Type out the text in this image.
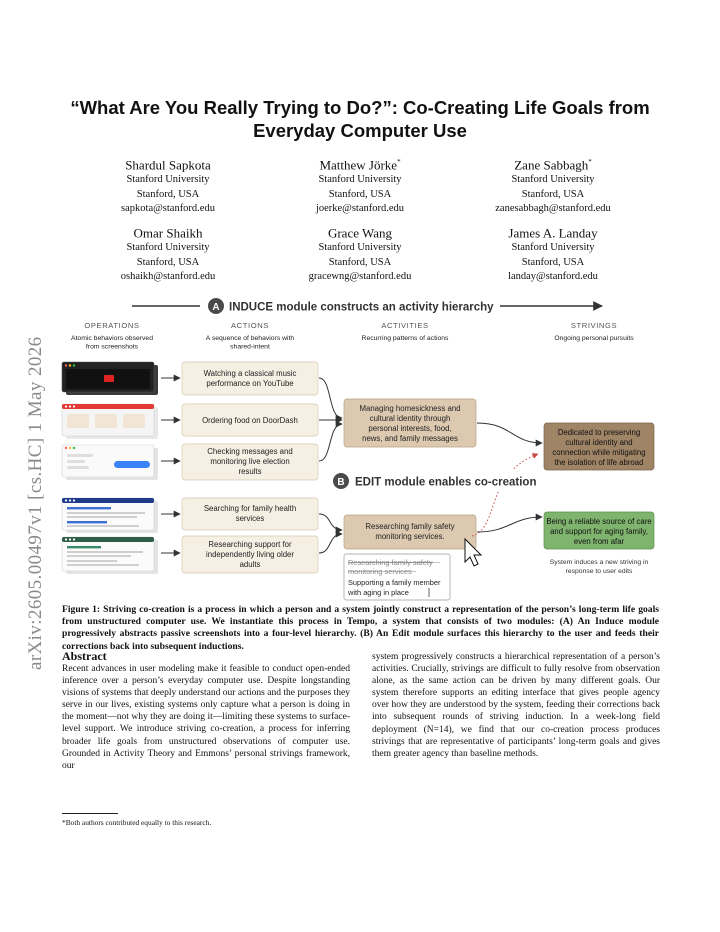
arXiv:2605.00497v1 [cs.HC] 1 May 2026
“What Are You Really Trying to Do?”: Co-Creating Life Goals from Everyday Computer Use
Shardul Sapkota
Stanford University
Stanford, USA
sapkota@stanford.edu
Matthew Jörke*
Stanford University
Stanford, USA
joerke@stanford.edu
Zane Sabbagh*
Stanford University
Stanford, USA
zanesabbagh@stanford.edu
Omar Shaikh
Stanford University
Stanford, USA
oshaikh@stanford.edu
Grace Wang
Stanford University
Stanford, USA
gracewng@stanford.edu
James A. Landay
Stanford University
Stanford, USA
landay@stanford.edu
A INDUCE module constructs an activity hierarchy
OPERATIONS
Atomic behaviors observed
from screenshots
ACTIONS
A sequence of behaviors with
shared-intent
ACTIVITIES
Recurring patterns of actions
STRIVINGS
Ongoing personal pursuits
Watching a classical music
performance on YouTube
Ordering food on DoorDash
Checking messages and
monitoring live election
results
Searching for family health
services
Researching support for
independently living older
adults
Managing homesickness and
cultural identity through
personal interests, food,
news, and family messages
Researching family safety
monitoring services.
Researching family safety
monitoring services
Supporting a family member
with aging in place
B EDIT module enables co-creation
Dedicated to preserving
cultural identity and
connection while mitigating
the isolation of life abroad
Being a reliable source of care
and support for aging family,
even from afar
System induces a new striving in
response to user edits

Figure 1: Striving co-creation is a process in which a person and a system jointly construct a representation of the person’s long-term life goals from unstructured computer use. We instantiate this process in Tempo, a system that consists of two modules: (A) An Induce module progressively abstracts passive screenshots into a four-level hierarchy. (B) An Edit module surfaces this hierarchy to the user and feeds their corrections back into subsequent inductions.

Abstract

Recent advances in user modeling make it feasible to conduct open-ended inference over a person’s everyday computer use. Despite longstanding visions of systems that deeply understand our actions and the purposes they serve in our lives, existing systems only capture what a person is doing in the moment—not why they are doing it—limiting these systems to surface-level support. We introduce striving co-creation, a process for inferring broader life goals from unstructured observations of computer use. Grounded in Activity Theory and Emmons’ personal strivings framework, our

system progressively constructs a hierarchical representation of a person’s activities. Crucially, strivings are difficult to fully resolve from observation alone, as the same action can be driven by many different goals. Our system therefore supports an editing interface that gives people agency over how they are understood by the system, feeding their corrections back into subsequent rounds of striving induction. In a week-long field deployment (N=14), we find that our co-creation process produces strivings that are representative of participants’ long-term goals and gives them greater agency than baseline methods.

*Both authors contributed equally to this research.
